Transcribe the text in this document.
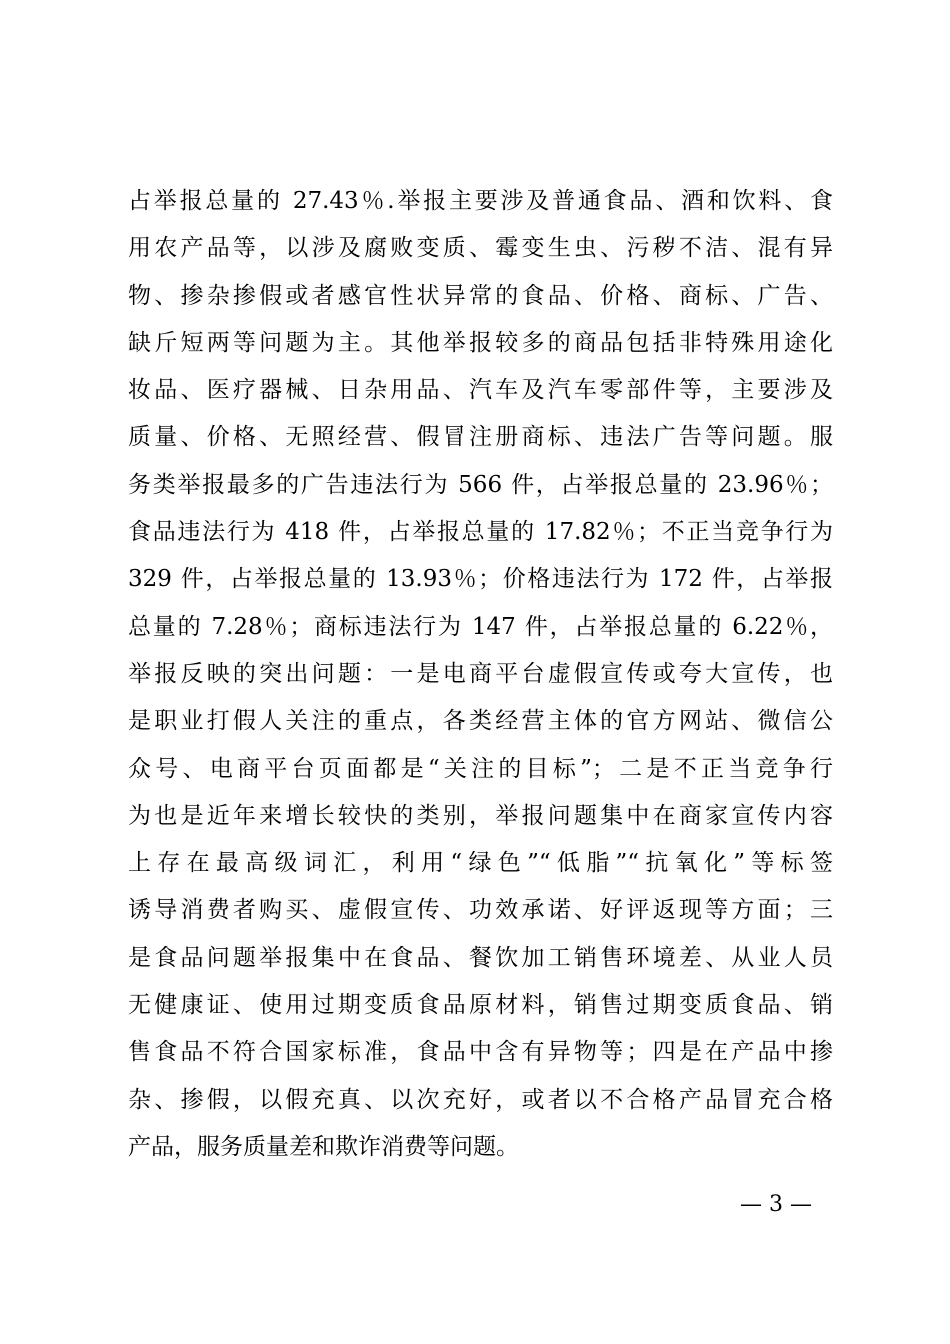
占举报总量的 27.43％.举报主要涉及普通食品、酒和饮料、食
用农产品等，以涉及腐败变质、霉变生虫、污秽不洁、混有异
物、掺杂掺假或者感官性状异常的食品、价格、商标、广告、
缺斤短两等问题为主。其他举报较多的商品包括非特殊用途化
妆品、医疗器械、日杂用品、汽车及汽车零部件等，主要涉及
质量、价格、无照经营、假冒注册商标、违法广告等问题。服
务类举报最多的广告违法行为 566 件，占举报总量的 23.96％；
食品违法行为 418 件，占举报总量的 17.82％；不正当竞争行为
329 件，占举报总量的 13.93％；价格违法行为 172 件，占举报
总量的 7.28％；商标违法行为 147 件，占举报总量的 6.22％，
举报反映的突出问题：一是电商平台虚假宣传或夸大宣传，也
是职业打假人关注的重点，各类经营主体的官方网站、微信公
众号、电商平台页面都是“关注的目标”；二是不正当竞争行
为也是近年来增长较快的类别，举报问题集中在商家宣传内容
上存在最高级词汇，利用“绿色”“低脂”“抗氧化”等标签
诱导消费者购买、虚假宣传、功效承诺、好评返现等方面；三
是食品问题举报集中在食品、餐饮加工销售环境差、从业人员
无健康证、使用过期变质食品原材料，销售过期变质食品、销
售食品不符合国家标准，食品中含有异物等；四是在产品中掺
杂、掺假，以假充真、以次充好，或者以不合格产品冒充合格
产品，服务质量差和欺诈消费等问题。
— 3 —
